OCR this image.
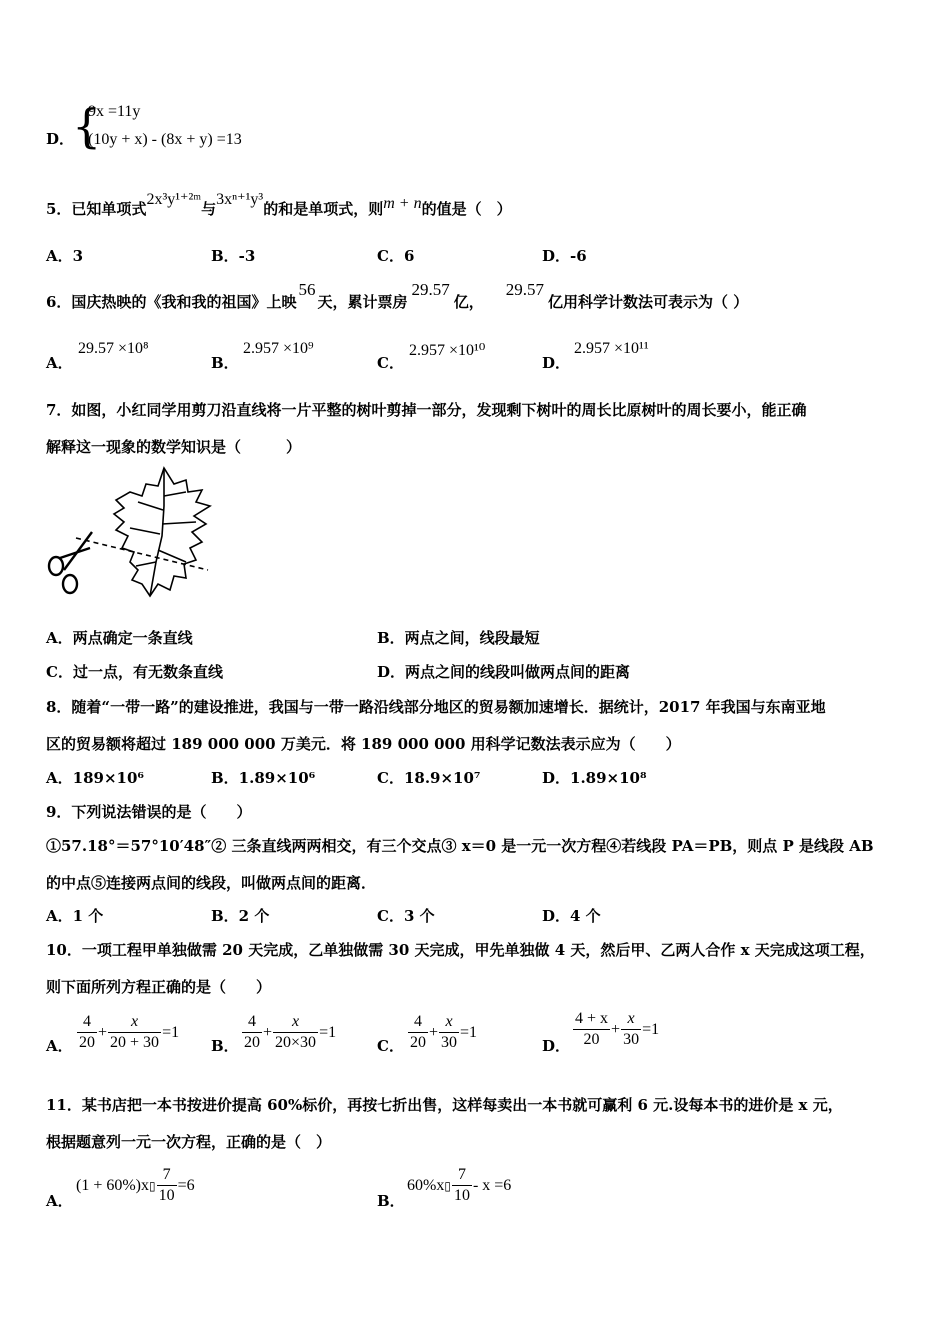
D．
{
9x =11y
(10y + x) - (8x + y) =13
5．已知单项式2x³y¹⁺²ᵐ与3xⁿ⁺¹y³的和是单项式，则m + n的值是（　）
A．3	B．-3	C．6	D．-6
6．国庆热映的《我和我的祖国》上映56天，累计票房29.57亿，29.57亿用科学计数法可表示为（ ）
A．
29.57 ×10⁸
B．
2.957 ×10⁹
C．
2.957 ×10¹⁰
D．
2.957 ×10¹¹
7．如图，小红同学用剪刀沿直线将一片平整的树叶剪掉一部分，发现剩下树叶的周长比原树叶的周长要小，能正确
解释这一现象的数学知识是（　　　）
A．两点确定一条直线	B．两点之间，线段最短
C．过一点，有无数条直线	D．两点之间的线段叫做两点间的距离
8．随着“一带一路”的建设推进，我国与一带一路沿线部分地区的贸易额加速增长．据统计，2017 年我国与东南亚地
区的贸易额将超过 189 000 000 万美元．将 189 000 000 用科学记数法表示应为（　　）
A．189×10⁶	B．1.89×10⁶	C．18.9×10⁷	D．1.89×10⁸
9．下列说法错误的是（　　）
①57.18°＝57°10′48″② 三条直线两两相交，有三个交点③ x＝0 是一元一次方程④若线段 PA＝PB，则点 P 是线段 AB
的中点⑤连接两点间的线段，叫做两点间的距离．
A．1 个	B．2 个	C．3 个	D．4 个
10．一项工程甲单独做需 20 天完成，乙单独做需 30 天完成，甲先单独做 4 天，然后甲、乙两人合作 x 天完成这项工程，
则下面所列方程正确的是（　　）
A． $\frac{4}{20} + \frac{x}{20 + 30} =1$
B． $\frac{4}{20} + \frac{x}{20\times 30} =1$
C． $\frac{4}{20} + \frac{x}{30} =1$
D． $\frac{4 + x}{20} + \frac{x}{30} =1$
11．某书店把一本书按进价提高 60%标价，再按七折出售，这样每卖出一本书就可赢利 6 元.设每本书的进价是 x 元，
根据题意列一元一次方程，正确的是（　）
A．
(1 + 60%)x▯ $\frac{7}{10} =6$
B．
60%x▯ $\frac{7}{10} - x =6$
